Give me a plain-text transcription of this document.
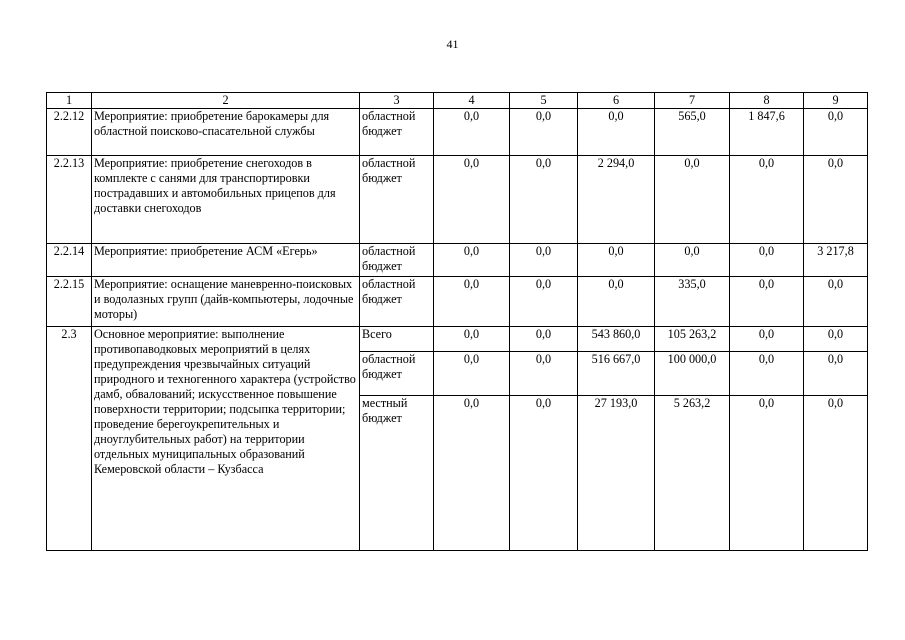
41
1	2	3	4	5	6	7	8	9
2.2.12	Мероприятие: приобретение барокамеры для областной поисково-спасательной службы	областной бюджет	0,0	0,0	0,0	565,0	1 847,6	0,0
2.2.13	Мероприятие: приобретение снегоходов в комплекте с санями для транспортировки пострадавших и автомобильных прицепов для доставки снегоходов	областной бюджет	0,0	0,0	2 294,0	0,0	0,0	0,0
2.2.14	Мероприятие: приобретение АСМ «Егерь»	областной бюджет	0,0	0,0	0,0	0,0	0,0	3 217,8
2.2.15	Мероприятие: оснащение маневренно-поисковых и водолазных групп (дайв-компьютеры, лодочные моторы)	областной бюджет	0,0	0,0	0,0	335,0	0,0	0,0
2.3	Основное мероприятие: выполнение противопаводковых мероприятий в целях предупреждения чрезвычайных ситуаций природного и техногенного характера (устройство дамб, обвалований; искусственное повышение поверхности территории; подсыпка территории; проведение берегоукрепительных и дноуглубительных работ) на территории отдельных муниципальных образований Кемеровской области – Кузбасса	Всего	0,0	0,0	543 860,0	105 263,2	0,0	0,0
		областной бюджет	0,0	0,0	516 667,0	100 000,0	0,0	0,0
		местный бюджет	0,0	0,0	27 193,0	5 263,2	0,0	0,0
